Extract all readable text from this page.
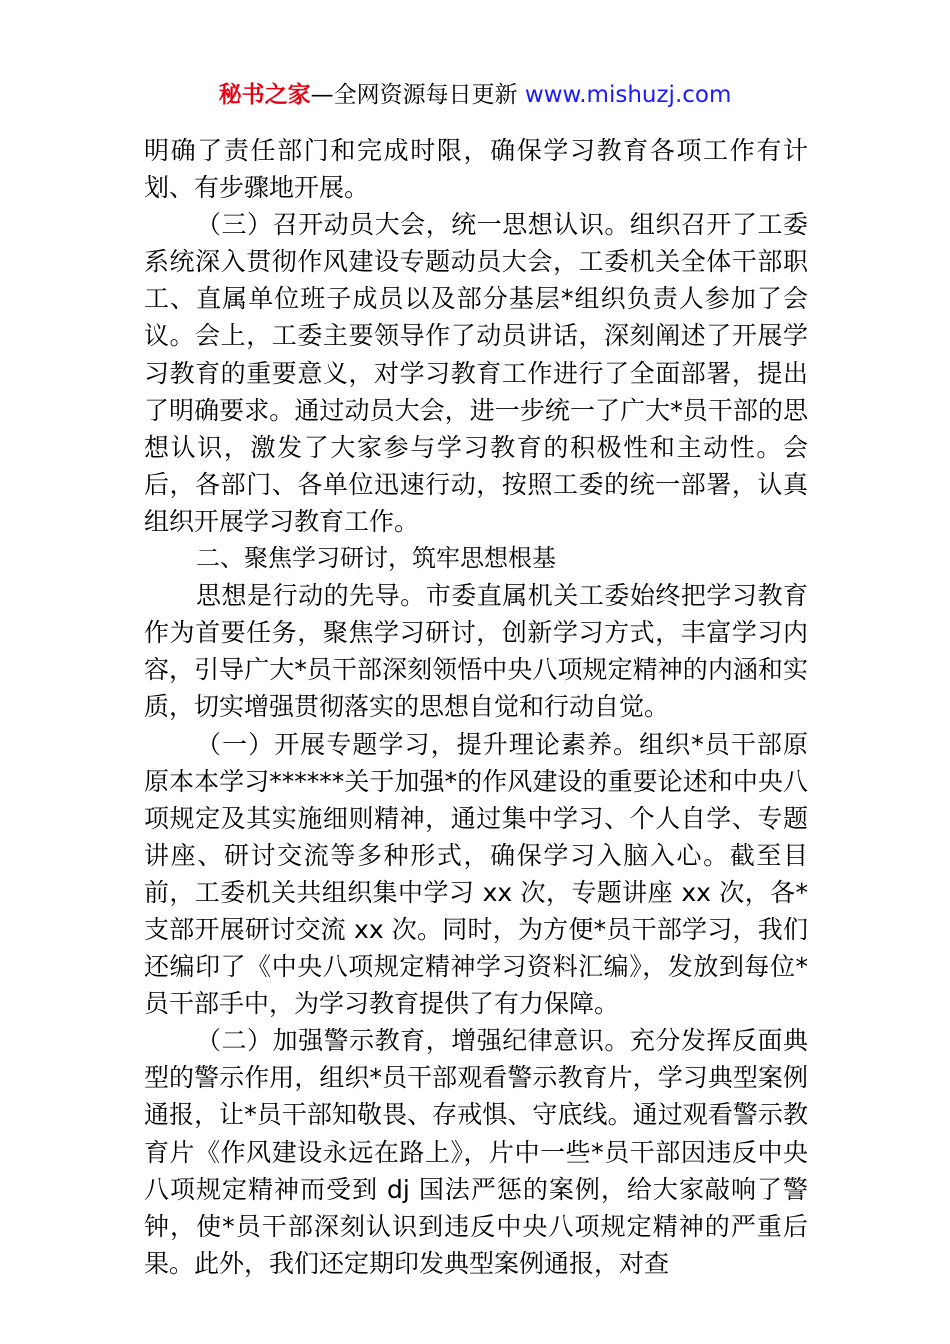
秘书之家—全网资源每日更新 www.mishuzj.com

明确了责任部门和完成时限，确保学习教育各项工作有计划、有步骤地开展。

（三）召开动员大会，统一思想认识。组织召开了工委系统深入贯彻作风建设专题动员大会，工委机关全体干部职工、直属单位班子成员以及部分基层*组织负责人参加了会议。会上，工委主要领导作了动员讲话，深刻阐述了开展学习教育的重要意义，对学习教育工作进行了全面部署，提出了明确要求。通过动员大会，进一步统一了广大*员干部的思想认识，激发了大家参与学习教育的积极性和主动性。会后，各部门、各单位迅速行动，按照工委的统一部署，认真组织开展学习教育工作。

二、聚焦学习研讨，筑牢思想根基

思想是行动的先导。市委直属机关工委始终把学习教育作为首要任务，聚焦学习研讨，创新学习方式，丰富学习内容，引导广大*员干部深刻领悟中央八项规定精神的内涵和实质，切实增强贯彻落实的思想自觉和行动自觉。

（一）开展专题学习，提升理论素养。组织*员干部原原本本学习******关于加强*的作风建设的重要论述和中央八项规定及其实施细则精神，通过集中学习、个人自学、专题讲座、研讨交流等多种形式，确保学习入脑入心。截至目前，工委机关共组织集中学习 xx 次，专题讲座 xx 次，各*支部开展研讨交流 xx 次。同时，为方便*员干部学习，我们还编印了《中央八项规定精神学习资料汇编》，发放到每位*员干部手中，为学习教育提供了有力保障。

（二）加强警示教育，增强纪律意识。充分发挥反面典型的警示作用，组织*员干部观看警示教育片，学习典型案例通报，让*员干部知敬畏、存戒惧、守底线。通过观看警示教育片《作风建设永远在路上》，片中一些*员干部因违反中央八项规定精神而受到 dj 国法严惩的案例，给大家敲响了警钟，使*员干部深刻认识到违反中央八项规定精神的严重后果。此外，我们还定期印发典型案例通报，对查
